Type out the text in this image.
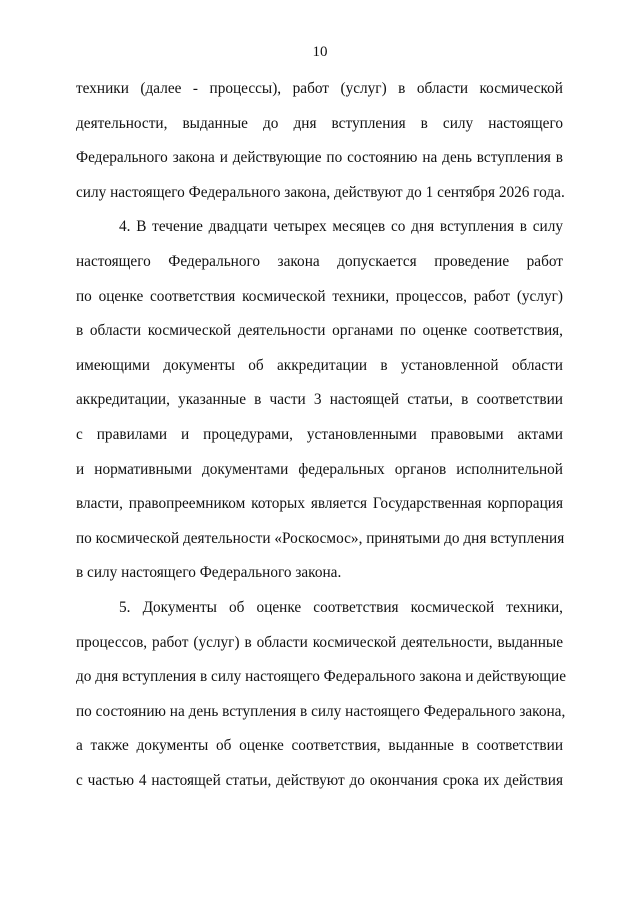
10
техники (далее - процессы), работ (услуг) в области космической
деятельности, выданные до дня вступления в силу настоящего
Федерального закона и действующие по состоянию на день вступления в
силу настоящего Федерального закона, действуют до 1 сентября 2026 года.
4. В течение двадцати четырех месяцев со дня вступления в силу
настоящего Федерального закона допускается проведение работ
по оценке соответствия космической техники, процессов, работ (услуг)
в области космической деятельности органами по оценке соответствия,
имеющими документы об аккредитации в установленной области
аккредитации, указанные в части 3 настоящей статьи, в соответствии
с правилами и процедурами, установленными правовыми актами
и нормативными документами федеральных органов исполнительной
власти, правопреемником которых является Государственная корпорация
по космической деятельности «Роскосмос», принятыми до дня вступления
в силу настоящего Федерального закона.
5. Документы об оценке соответствия космической техники,
процессов, работ (услуг) в области космической деятельности, выданные
до дня вступления в силу настоящего Федерального закона и действующие
по состоянию на день вступления в силу настоящего Федерального закона,
а также документы об оценке соответствия, выданные в соответствии
с частью 4 настоящей статьи, действуют до окончания срока их действия
